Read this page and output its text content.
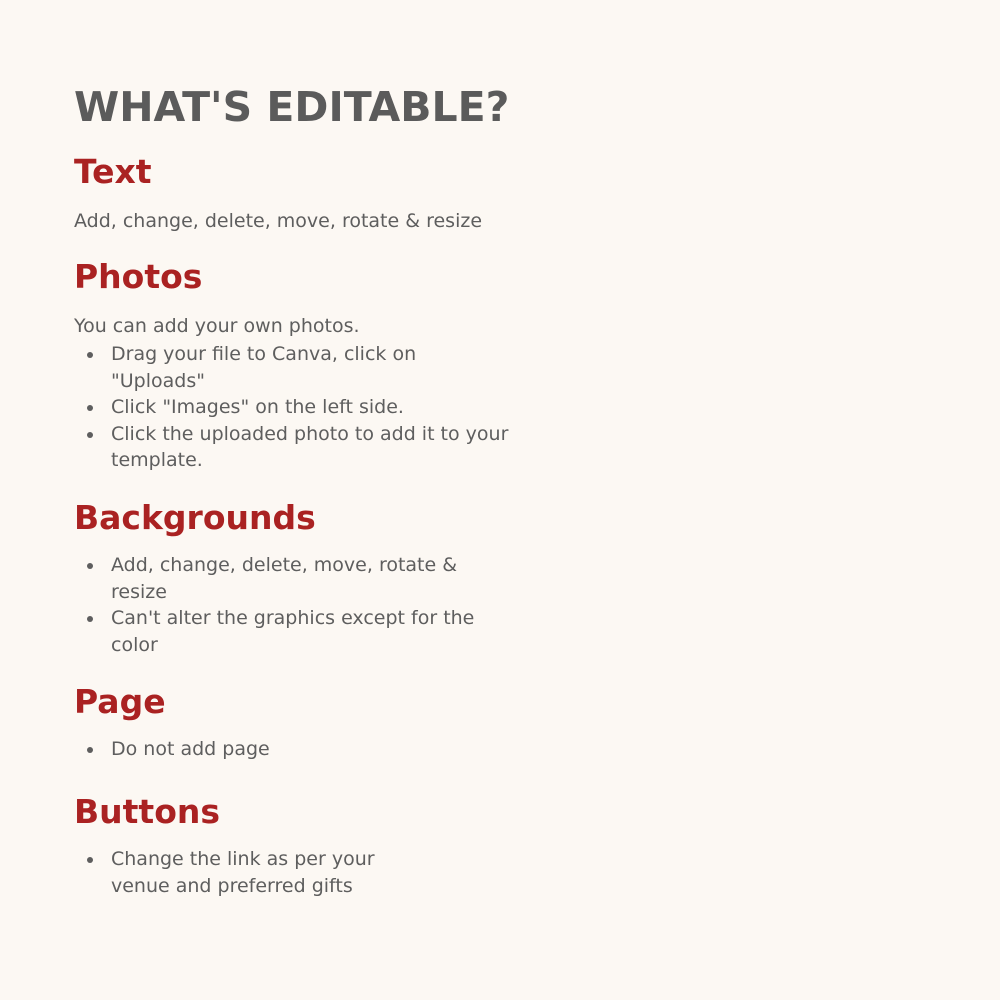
WHAT'S EDITABLE?
Text

Add, change, delete, move, rotate & resize

Photos

You can add your own photos.

Drag your file to Canva, click on "Uploads"
Click "Images" on the left side.
Click the uploaded photo to add it to your template.
Backgrounds
Add, change, delete, move, rotate & resize
Can't alter the graphics except for the color
Page
Do not add page
Buttons
Change the link as per your venue and preferred gifts
